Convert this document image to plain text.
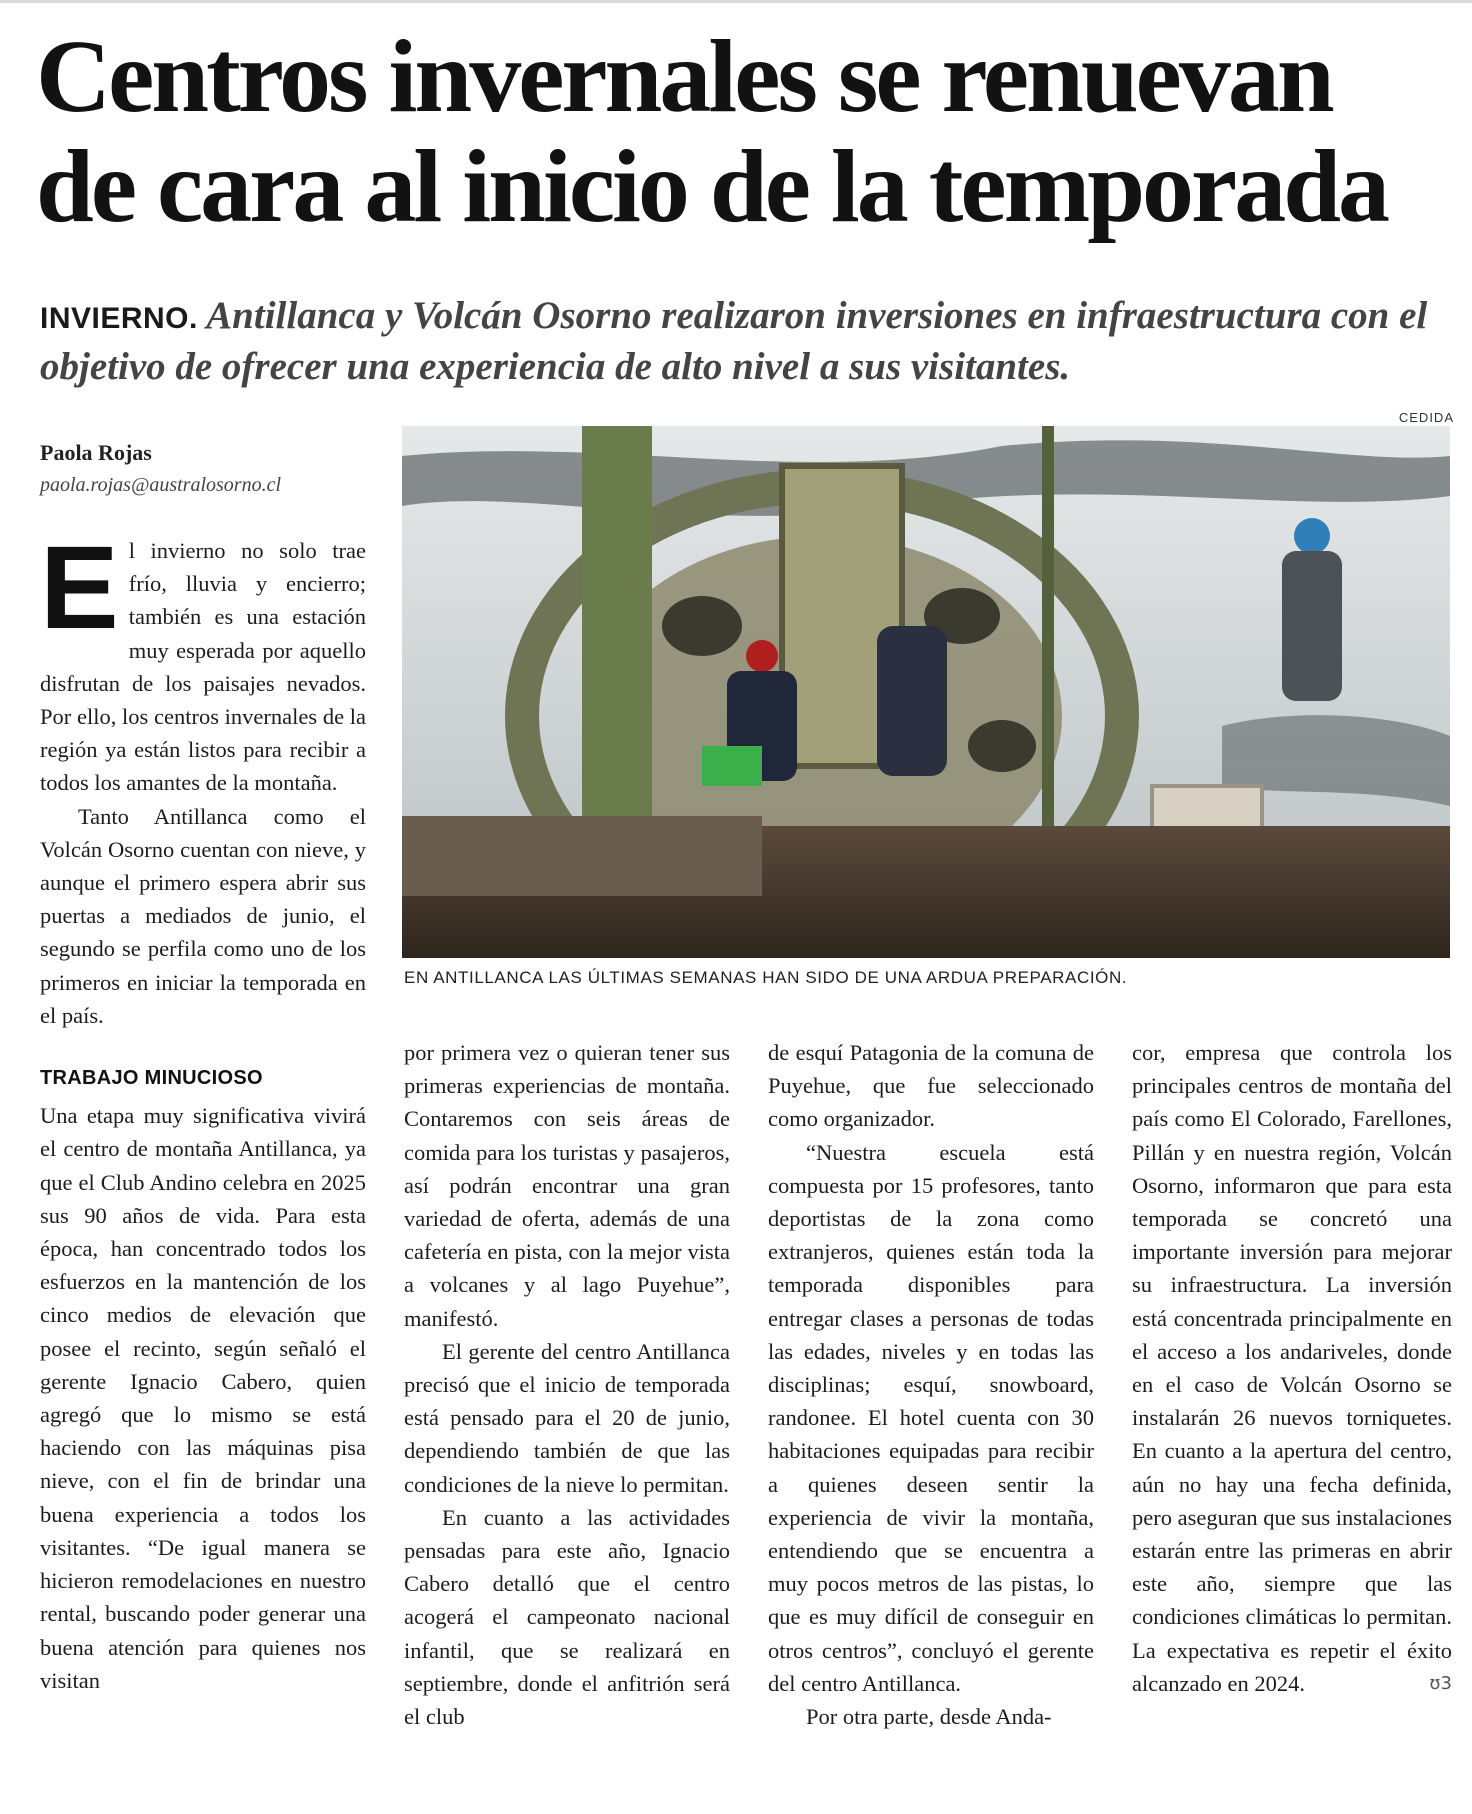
Centros invernales se renuevan
de cara al inicio de la temporada
INVIERNO. Antillanca y Volcán Osorno realizaron inversiones en infraestructura con el objetivo de ofrecer una experiencia de alto nivel a sus visitantes.
CEDIDA
Paola Rojas
paola.rojas@australosorno.cl
EN ANTILLANCA LAS ÚLTIMAS SEMANAS HAN SIDO DE UNA ARDUA PREPARACIÓN.

El invierno no solo trae frío, lluvia y encierro; también es una estación muy esperada por aquello disfrutan de los paisajes nevados. Por ello, los centros invernales de la región ya están listos para recibir a todos los amantes de la montaña.

Tanto Antillanca como el Volcán Osorno cuentan con nieve, y aunque el primero espera abrir sus puertas a mediados de junio, el segundo se perfila como uno de los primeros en iniciar la temporada en el país.

TRABAJO MINUCIOSO

Una etapa muy significativa vivirá el centro de montaña Antillanca, ya que el Club Andino celebra en 2025 sus 90 años de vida. Para esta época, han concentrado todos los esfuerzos en la mantención de los cinco medios de elevación que posee el recinto, según señaló el gerente Ignacio Cabero, quien agregó que lo mismo se está haciendo con las máquinas pisa nieve, con el fin de brindar una buena experiencia a todos los visitantes. “De igual manera se hicieron remodelaciones en nuestro rental, buscando poder generar una buena atención para quienes nos visitan

por primera vez o quieran tener sus primeras experiencias de montaña. Contaremos con seis áreas de comida para los turistas y pasajeros, así podrán encontrar una gran variedad de oferta, además de una cafetería en pista, con la mejor vista a volcanes y al lago Puyehue”, manifestó.

El gerente del centro Antillanca precisó que el inicio de temporada está pensado para el 20 de junio, dependiendo también de que las condiciones de la nieve lo permitan.

En cuanto a las actividades pensadas para este año, Ignacio Cabero detalló que el centro acogerá el campeonato nacional infantil, que se realizará en septiembre, donde el anfitrión será el club

de esquí Patagonia de la comuna de Puyehue, que fue seleccionado como organizador.

“Nuestra escuela está compuesta por 15 profesores, tanto deportistas de la zona como extranjeros, quienes están toda la temporada disponibles para entregar clases a personas de todas las edades, niveles y en todas las disciplinas; esquí, snowboard, randonee. El hotel cuenta con 30 habitaciones equipadas para recibir a quienes deseen sentir la experiencia de vivir la montaña, entendiendo que se encuentra a muy pocos metros de las pistas, lo que es muy difícil de conseguir en otros centros”, concluyó el gerente del centro Antillanca.

Por otra parte, desde Anda-

cor, empresa que controla los principales centros de montaña del país como El Colorado, Farellones, Pillán y en nuestra región, Volcán Osorno, informaron que para esta temporada se concretó una importante inversión para mejorar su infraestructura. La inversión está concentrada principalmente en el acceso a los andariveles, donde en el caso de Volcán Osorno se instalarán 26 nuevos torniquetes. En cuanto a la apertura del centro, aún no hay una fecha definida, pero aseguran que sus instalaciones estarán entre las primeras en abrir este año, siempre que las condiciones climáticas lo permitan. La expectativa es repetir el éxito alcanzado en 2024.	ʊ3
